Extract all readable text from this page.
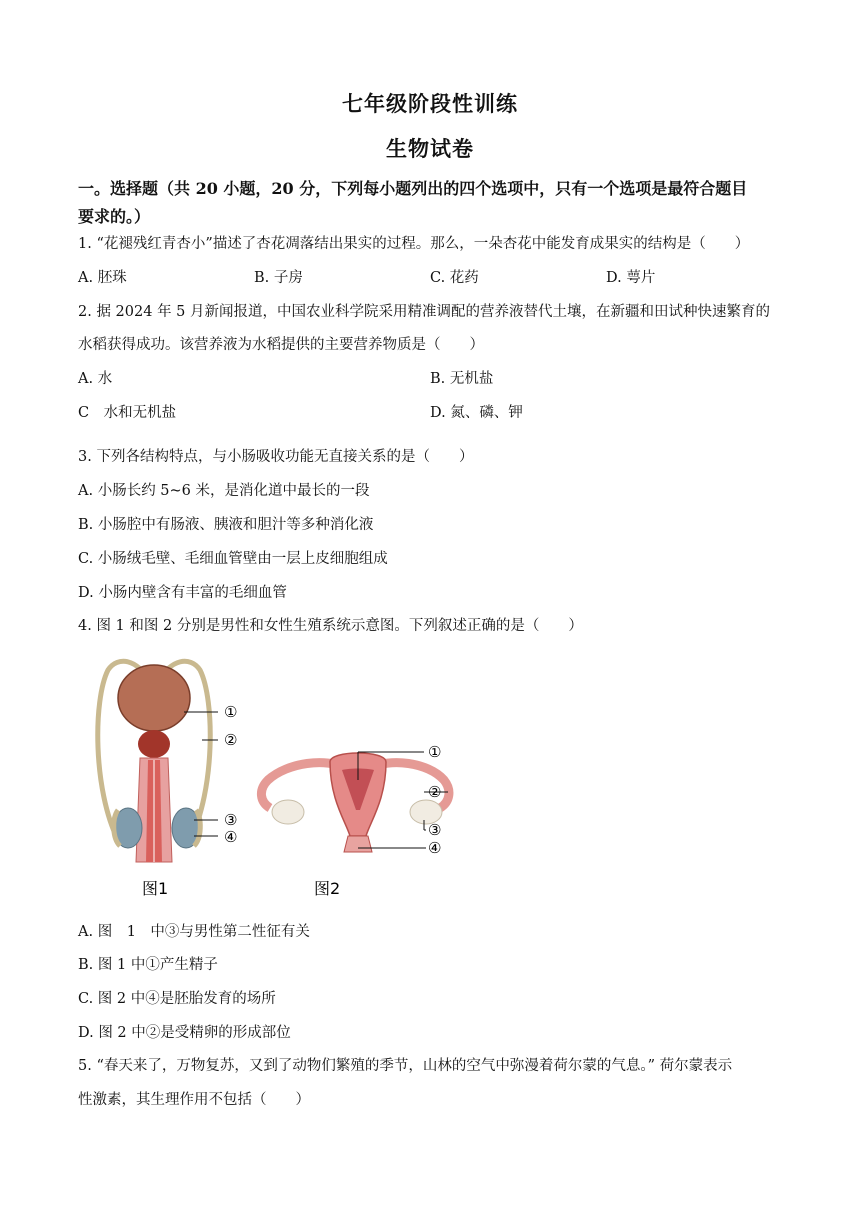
七年级阶段性训练
生物试卷
一。选择题（共 20 小题，20 分，下列每小题列出的四个选项中，只有一个选项是最符合题目
要求的。）
1. “花褪残红青杏小”描述了杏花凋落结出果实的过程。那么，一朵杏花中能发育成果实的结构是（　　）
A. 胚珠	B. 子房	C. 花药	D. 萼片
2. 据 2024 年 5 月新闻报道，中国农业科学院采用精准调配的营养液替代土壤，在新疆和田试种快速繁育的
水稻获得成功。该营养液为水稻提供的主要营养物质是（　　）
A. 水	B. 无机盐
C　水和无机盐	D. 氮、磷、钾
3. 下列各结构特点，与小肠吸收功能无直接关系的是（　　）
A. 小肠长约 5~6 米，是消化道中最长的一段
B. 小肠腔中有肠液、胰液和胆汁等多种消化液
C. 小肠绒毛壁、毛细血管壁由一层上皮细胞组成
D. 小肠内壁含有丰富的毛细血管
4. 图 1 和图 2 分别是男性和女性生殖系统示意图。下列叙述正确的是（　　）
①
②
③
④
图1
①
②
③
④
图2
A. 图　1　中③与男性第二性征有关
B. 图 1 中①产生精子
C. 图 2 中④是胚胎发育的场所
D. 图 2 中②是受精卵的形成部位
5. “春天来了，万物复苏，又到了动物们繁殖的季节，山林的空气中弥漫着荷尔蒙的气息。” 荷尔蒙表示
性激素，其生理作用不包括（　　）
